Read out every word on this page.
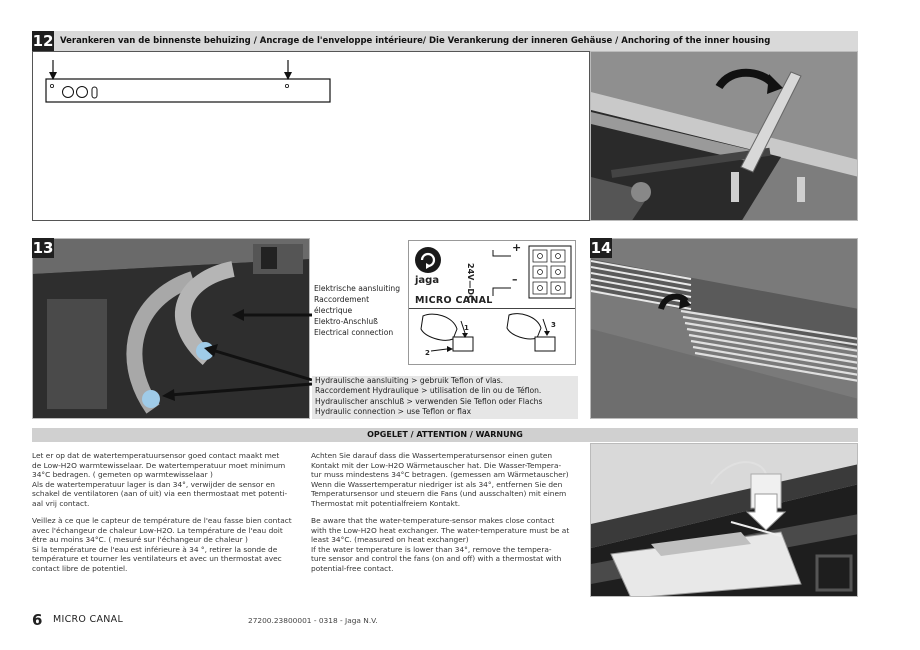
12 Verankeren van de binnenste behuizing / Ancrage de l'enveloppe intérieure/ Die Verankerung der inneren Gehäuse / Anchoring of the inner housing
13
Elektrische aansluiting
Raccordement électrique
Elektro-Anschluß
Electrical connection
jaga
MICRO CANAL
24V—DC
+
–
1
2
3
Hydraulische aansluiting > gebruik Teflon of vlas.
Raccordement Hydraulique > utilisation de lin ou de Téflon.
Hydraulischer anschluß > verwenden Sie Teflon oder Flachs
Hydraulic connection > use Teflon or flax
14
OPGELET / ATTENTION / WARNUNG
Let er op dat de watertemperatuursensor goed contact maakt met
de Low-H2O warmtewisselaar. De watertemperatuur moet minimum
34°C bedragen. ( gemeten op warmtewisselaar )
Als de watertemperatuur lager is dan 34°, verwijder de sensor en
schakel de ventilatoren (aan of uit) via een thermostaat met potenti-
aal vrij contact.
Veillez à ce que le capteur de température de l'eau fasse bien contact
avec l'échangeur de chaleur Low-H2O. La température de l'eau doit
être au moins 34°C. ( mesuré sur l'échangeur de chaleur )
Si la température de l'eau est inférieure à 34 °, retirer la sonde de
température et tourner les ventilateurs et avec un thermostat avec
contact libre de potentiel.
Achten Sie darauf dass die Wassertemperatursensor einen guten
Kontakt mit der Low-H2O Wärmetauscher hat. Die Wasser-Tempera-
tur muss mindestens 34°C betragen. (gemessen am Wärmetauscher)
Wenn die Wassertemperatur niedriger ist als 34°, entfernen Sie den
Temperatursensor und steuern die Fans (und ausschalten) mit einem
Thermostat mit potentialfreiem Kontakt.
Be aware that the water-temperature-sensor makes close contact
with the Low-H2O heat exchanger. The water-temperature must be at
least 34°C. (measured on heat exchanger)
If the water temperature is lower than 34°, remove the tempera-
ture sensor and control the fans (on and off) with a thermostat with
potential-free contact.
6 MICRO CANAL	27200.23800001 - 0318 - Jaga N.V.
